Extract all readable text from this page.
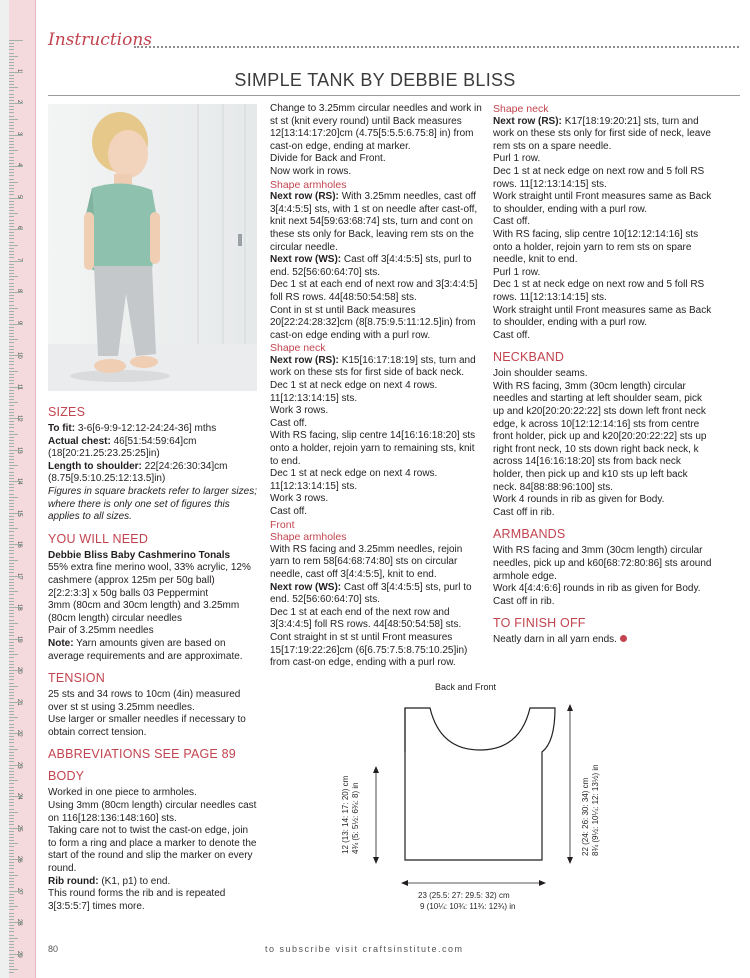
1
2
3
4
5
6
7
8
9
10
11
12
13
14
15
16
17
18
19
20
21
22
23
24
25
26
27
28
29
Instructions
SIMPLE TANK BY DEBBIE BLISS
SIZES

To fit: 3-6[6-9:9-12:12-24:24-36] mths

Actual chest: 46[51:54:59:64]cm (18[20:21.25:23.25:25]in)

Length to shoulder: 22[24:26:30:34]cm (8.75[9.5:10.25:12:13.5]in)

Figures in square brackets refer to larger sizes; where there is only one set of figures this applies to all sizes.

YOU WILL NEED

Debbie Bliss Baby Cashmerino Tonals

55% extra fine merino wool, 33% acrylic, 12% cashmere (approx 125m per 50g ball)

2[2:2:3:3] x 50g balls 03 Peppermint

3mm (80cm and 30cm length) and 3.25mm (80cm length) circular needles

Pair of 3.25mm needles

Note: Yarn amounts given are based on average requirements and are approximate.

TENSION

25 sts and 34 rows to 10cm (4in) measured over st st using 3.25mm needles.

Use larger or smaller needles if necessary to obtain correct tension.

ABBREVIATIONS SEE PAGE 89
BODY

Worked in one piece to armholes.

Using 3mm (80cm length) circular needles cast on 116[128:136:148:160] sts.

Taking care not to twist the cast-on edge, join to form a ring and place a marker to denote the start of the round and slip the marker on every round.

Rib round: (K1, p1) to end.

This round forms the rib and is repeated 3[3:5:5:7] times more.

Change to 3.25mm circular needles and work in st st (knit every round) until Back measures 12[13:14:17:20]cm (4.75[5:5.5:6.75:8] in) from cast-on edge, ending at marker.

Divide for Back and Front.

Now work in rows.

Shape armholes

Next row (RS): With 3.25mm needles, cast off 3[4:4:5:5] sts, with 1 st on needle after cast-off, knit next 54[59:63:68:74] sts, turn and cont on these sts only for Back, leaving rem sts on the circular needle.

Next row (WS): Cast off 3[4:4:5:5] sts, purl to end. 52[56:60:64:70] sts.

Dec 1 st at each end of next row and 3[3:4:4:5] foll RS rows. 44[48:50:54:58] sts.

Cont in st st until Back measures 20[22:24:28:32]cm (8[8.75:9.5:11:12.5]in) from cast-on edge ending with a purl row.

Shape neck

Next row (RS): K15[16:17:18:19] sts, turn and work on these sts for first side of back neck.

Dec 1 st at neck edge on next 4 rows. 11[12:13:14:15] sts.

Work 3 rows.

Cast off.

With RS facing, slip centre 14[16:16:18:20] sts onto a holder, rejoin yarn to remaining sts, knit to end.

Dec 1 st at neck edge on next 4 rows. 11[12:13:14:15] sts.

Work 3 rows.

Cast off.

Front

Shape armholes

With RS facing and 3.25mm needles, rejoin yarn to rem 58[64:68:74:80] sts on circular needle, cast off 3[4:4:5:5], knit to end.

Next row (WS): Cast off 3[4:4:5:5] sts, purl to end. 52[56:60:64:70] sts.

Dec 1 st at each end of the next row and 3[3:4:4:5] foll RS rows. 44[48:50:54:58] sts.

Cont straight in st st until Front measures 15[17:19:22:26]cm (6[6.75:7.5:8.75:10.25]in) from cast-on edge, ending with a purl row.

Shape neck

Next row (RS): K17[18:19:20:21] sts, turn and work on these sts only for first side of neck, leave rem sts on a spare needle.

Purl 1 row.

Dec 1 st at neck edge on next row and 5 foll RS rows. 11[12:13:14:15] sts.

Work straight until Front measures same as Back to shoulder, ending with a purl row.

Cast off.

With RS facing, slip centre 10[12:12:14:16] sts onto a holder, rejoin yarn to rem sts on spare needle, knit to end.

Purl 1 row.

Dec 1 st at neck edge on next row and 5 foll RS rows. 11[12:13:14:15] sts.

Work straight until Front measures same as Back to shoulder, ending with a purl row.

Cast off.

NECKBAND

Join shoulder seams.

With RS facing, 3mm (30cm length) circular needles and starting at left shoulder seam, pick up and k20[20:20:22:22] sts down left front neck edge, k across 10[12:12:14:16] sts from centre front holder, pick up and k20[20:20:22:22] sts up right front neck, 10 sts down right back neck, k across 14[16:16:18:20] sts from back neck holder, then pick up and k10 sts up left back neck. 84[88:88:96:100] sts.

Work 4 rounds in rib as given for Body.

Cast off in rib.

ARMBANDS

With RS facing and 3mm (30cm length) circular needles, pick up and k60[68:72:80:86] sts around armhole edge.

Work 4[4:4:6:6] rounds in rib as given for Body.

Cast off in rib.

TO FINISH OFF

Neatly darn in all yarn ends.

Back and Front
12 (13: 14: 17: 20) cm 4¾ (5: 5½: 6¾: 8) in	22 (24: 26: 30: 34) cm 8¾ (9½: 10¼: 12: 13½) in
23 (25.5: 27: 29.5: 32) cm
9 (10¼: 10¾: 11¾: 12¾) in
80	to subscribe visit craftsinstitute.com
